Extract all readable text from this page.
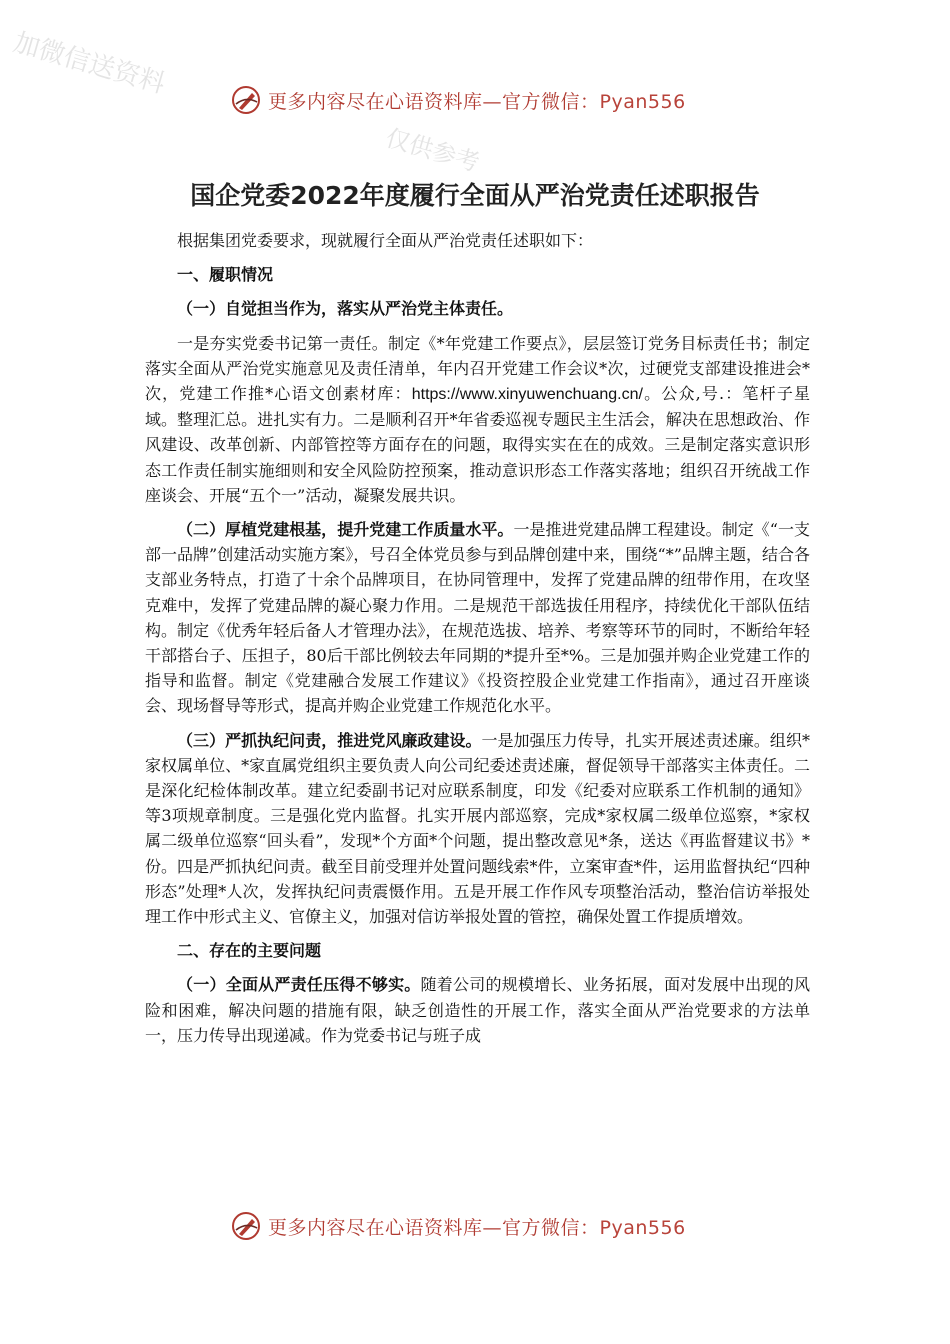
加微信送资料
仅供参考
更多内容尽在心语资料库—官方微信：Pyan556
国企党委2022年度履行全面从严治党责任述职报告

根据集团党委要求，现就履行全面从严治党责任述职如下：

一、履职情况

（一）自觉担当作为，落实从严治党主体责任。

一是夯实党委书记第一责任。制定《*年党建工作要点》，层层签订党务目标责任书；制定落实全面从严治党实施意见及责任清单，年内召开党建工作会议*次，过硬党支部建设推进会*次，党建工作推*心语文创素材库：https://www.xinyuwenchuang.cn/。公众,号.：笔杆子星域。整理汇总。进扎实有力。二是顺利召开*年省委巡视专题民主生活会，解决在思想政治、作风建设、改革创新、内部管控等方面存在的问题，取得实实在在的成效。三是制定落实意识形态工作责任制实施细则和安全风险防控预案，推动意识形态工作落实落地；组织召开统战工作座谈会、开展“五个一”活动，凝聚发展共识。

（二）厚植党建根基，提升党建工作质量水平。一是推进党建品牌工程建设。制定《“一支部一品牌”创建活动实施方案》，号召全体党员参与到品牌创建中来，围绕“*”品牌主题，结合各支部业务特点，打造了十余个品牌项目，在协同管理中，发挥了党建品牌的纽带作用，在攻坚克难中，发挥了党建品牌的凝心聚力作用。二是规范干部选拔任用程序，持续优化干部队伍结构。制定《优秀年轻后备人才管理办法》，在规范选拔、培养、考察等环节的同时，不断给年轻干部搭台子、压担子，80后干部比例较去年同期的*提升至*%。三是加强并购企业党建工作的指导和监督。制定《党建融合发展工作建议》《投资控股企业党建工作指南》，通过召开座谈会、现场督导等形式，提高并购企业党建工作规范化水平。

（三）严抓执纪问责，推进党风廉政建设。一是加强压力传导，扎实开展述责述廉。组织*家权属单位、*家直属党组织主要负责人向公司纪委述责述廉，督促领导干部落实主体责任。二是深化纪检体制改革。建立纪委副书记对应联系制度，印发《纪委对应联系工作机制的通知》等3项规章制度。三是强化党内监督。扎实开展内部巡察，完成*家权属二级单位巡察，*家权属二级单位巡察“回头看”，发现*个方面*个问题，提出整改意见*条，送达《再监督建议书》*份。四是严抓执纪问责。截至目前受理并处置问题线索*件，立案审查*件，运用监督执纪“四种形态”处理*人次，发挥执纪问责震慑作用。五是开展工作作风专项整治活动，整治信访举报处理工作中形式主义、官僚主义，加强对信访举报处置的管控，确保处置工作提质增效。

二、存在的主要问题

（一）全面从严责任压得不够实。随着公司的规模增长、业务拓展，面对发展中出现的风险和困难，解决问题的措施有限，缺乏创造性的开展工作，落实全面从严治党要求的方法单一，压力传导出现递减。作为党委书记与班子成

更多内容尽在心语资料库—官方微信：Pyan556
